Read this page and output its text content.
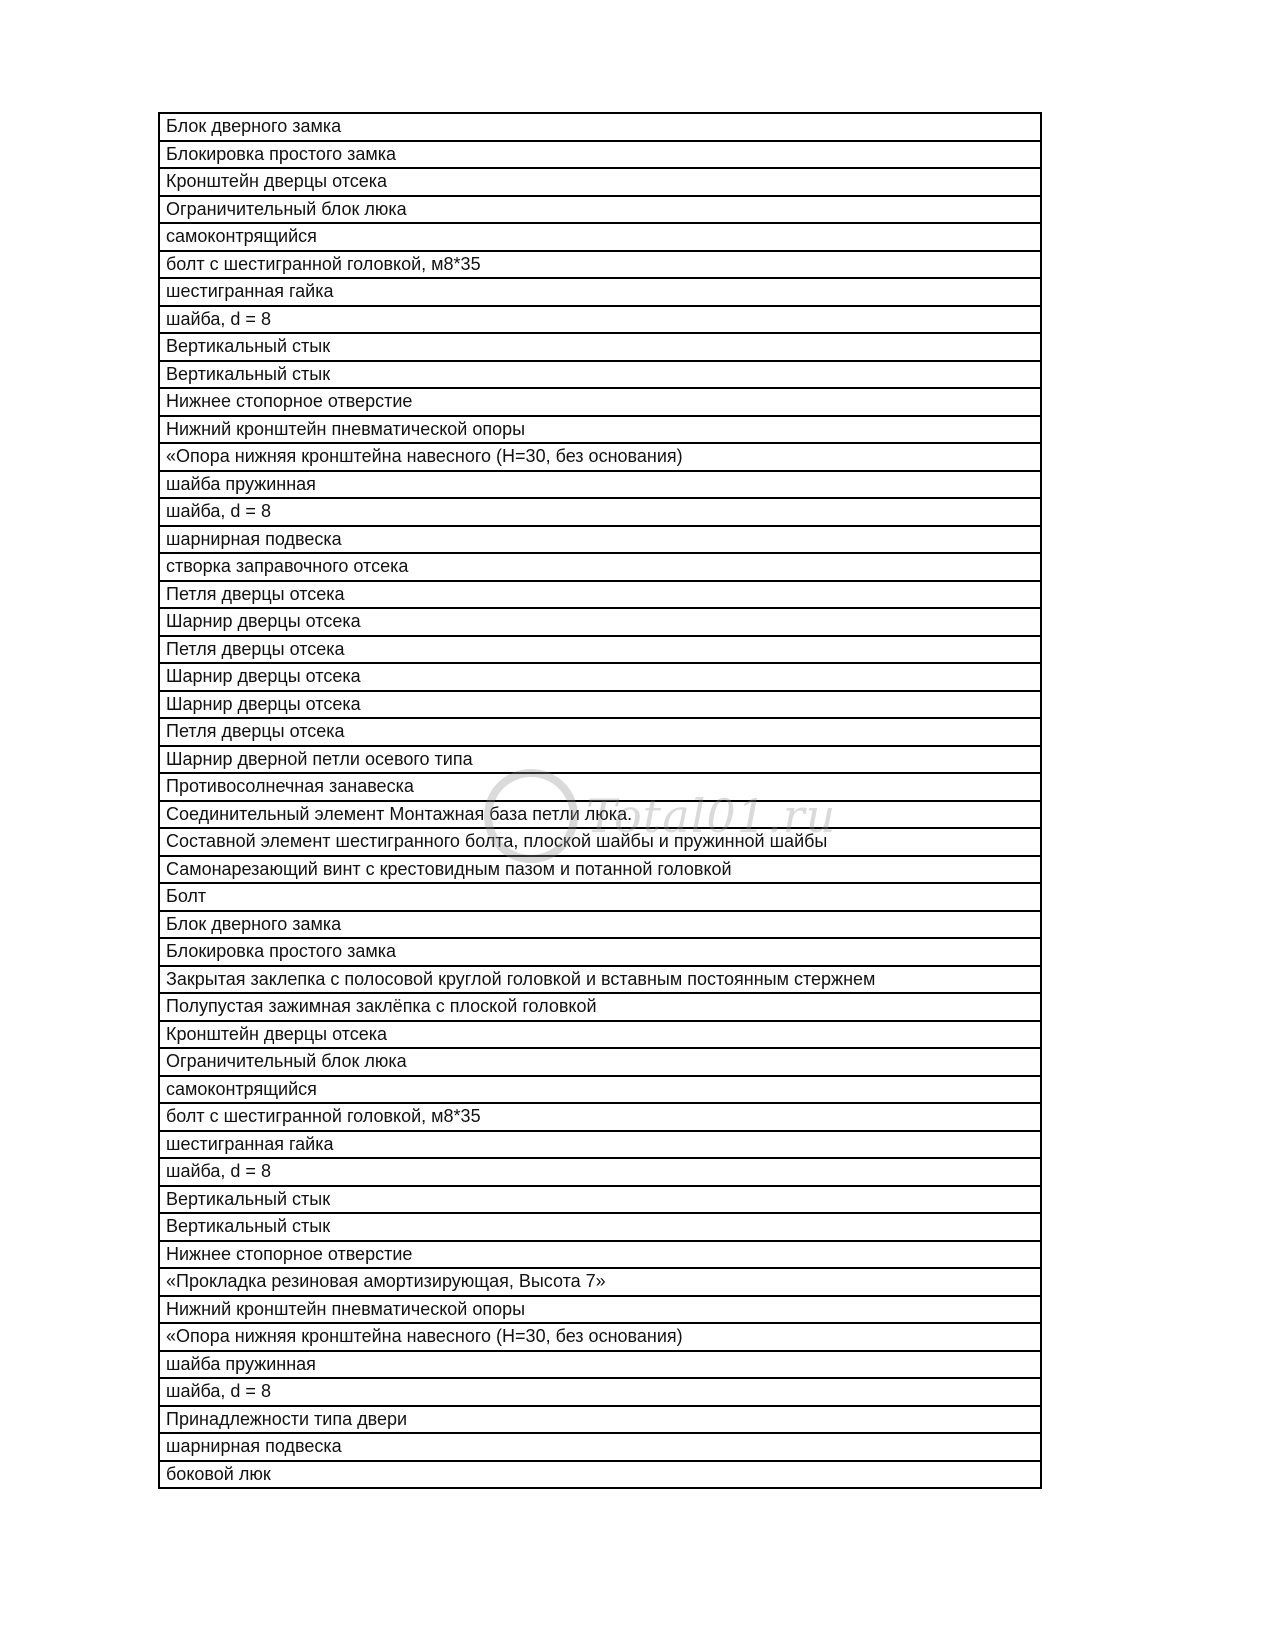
Total01.ru
Блок дверного замка
Блокировка простого замка
Кронштейн дверцы отсека
Ограничительный блок люка
самоконтрящийся
болт с шестигранной головкой, м8*35
шестигранная гайка
шайба, d = 8
Вертикальный стык
Вертикальный стык
Нижнее стопорное отверстие
Нижний кронштейн пневматической опоры
«Опора нижняя кронштейна навесного (Н=30, без основания)
шайба пружинная
шайба, d = 8
шарнирная подвеска
створка заправочного отсека
Петля дверцы отсека
Шарнир дверцы отсека
Петля дверцы отсека
Шарнир дверцы отсека
Шарнир дверцы отсека
Петля дверцы отсека
Шарнир дверной петли осевого типа
Противосолнечная занавеска
Соединительный элемент Монтажная база петли люка.
Составной элемент шестигранного болта, плоской шайбы и пружинной шайбы
Самонарезающий винт с крестовидным пазом и потанной головкой
Болт
Блок дверного замка
Блокировка простого замка
Закрытая заклепка с полосовой круглой головкой и вставным постоянным стержнем
Полупустая зажимная заклёпка с плоской головкой
Кронштейн дверцы отсека
Ограничительный блок люка
самоконтрящийся
болт с шестигранной головкой, м8*35
шестигранная гайка
шайба, d = 8
Вертикальный стык
Вертикальный стык
Нижнее стопорное отверстие
«Прокладка резиновая амортизирующая, Высота 7»
Нижний кронштейн пневматической опоры
«Опора нижняя кронштейна навесного (Н=30, без основания)
шайба пружинная
шайба, d = 8
Принадлежности типа двери
шарнирная подвеска
боковой люк
